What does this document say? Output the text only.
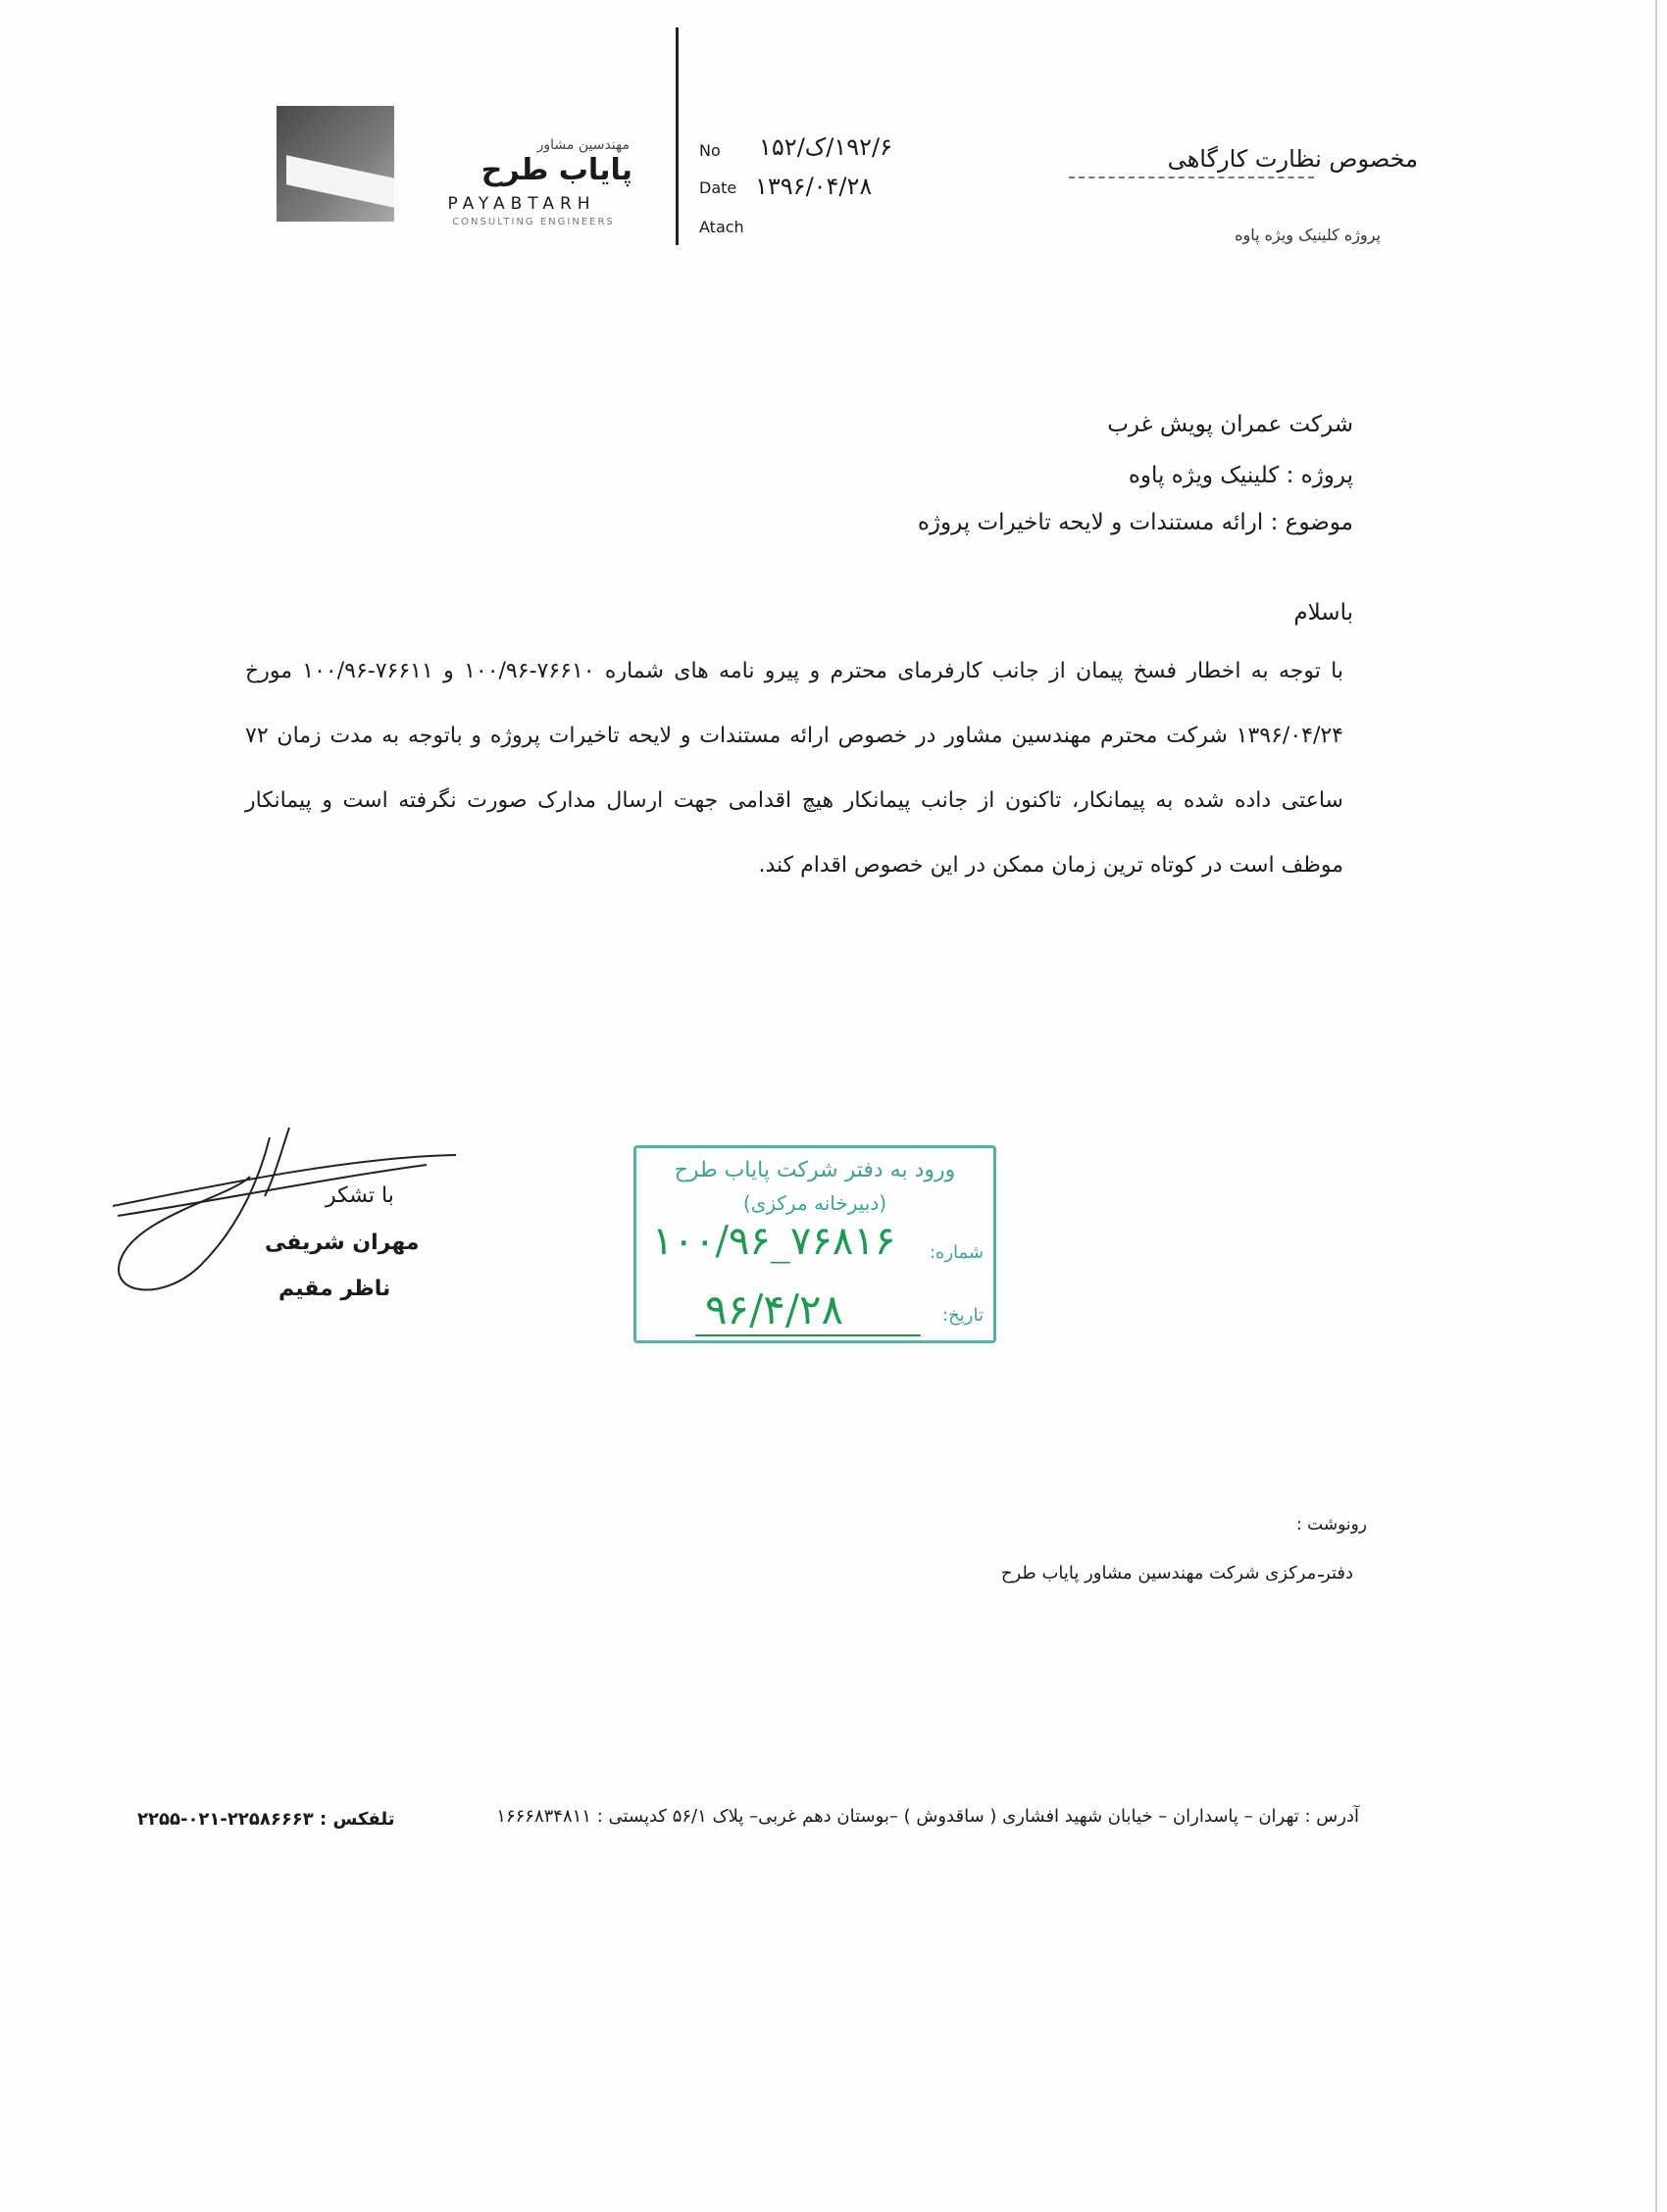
مهندسین مشاور
پایاب طرح
PAYABTARH
CONSULTING ENGINEERS
No ۱۹۲/۶/ک/۱۵۲
Date ۱۳۹۶/۰۴/۲۸
Atach
مخصوص نظارت کارگاهی
پروژه کلینیک ویژه پاوه
شرکت عمران پویش غرب
پروژه : کلینیک ویژه پاوه
موضوع : ارائه مستندات و لایحه تاخیرات پروژه
باسلام
با توجه به اخطار فسخ پیمان از جانب کارفرمای محترم و پیرو نامه های شماره ۷۶۶۱۰-۱۰۰/۹۶ و ۷۶۶۱۱-۱۰۰/۹۶ مورخ ۱۳۹۶/۰۴/۲۴ شرکت محترم مهندسین مشاور در خصوص ارائه مستندات و لایحه تاخیرات پروژه و باتوجه به مدت زمان ۷۲ ساعتی داده شده به پیمانکار، تاکنون از جانب پیمانکار هیچ اقدامی جهت ارسال مدارک صورت نگرفته است و پیمانکار موظف است در کوتاه ترین زمان ممکن در این خصوص اقدام کند.
با تشکر
مهران شریفی
ناظر مقیم
ورود به دفتر شرکت پایاب طرح
(دبیرخانه مرکزی)
شماره:
۱۰۰/۹۶_۷۶۸۱۶
تاریخ:
۹۶/۴/۲۸
رونوشت :
دفتر مرکزی شرکت مهندسین مشاور پایاب طرح
آدرس : تهران – پاسداران – خیابان شهید افشاری ( ساقدوش ) –بوستان دهم غربی– پلاک ۵۶/۱ کدپستی : ۱۶۶۶۸۳۴۸۱۱
تلفکس : ۲۲۵۸۶۶۶۳-۰۲۱-۲۲۵۵
